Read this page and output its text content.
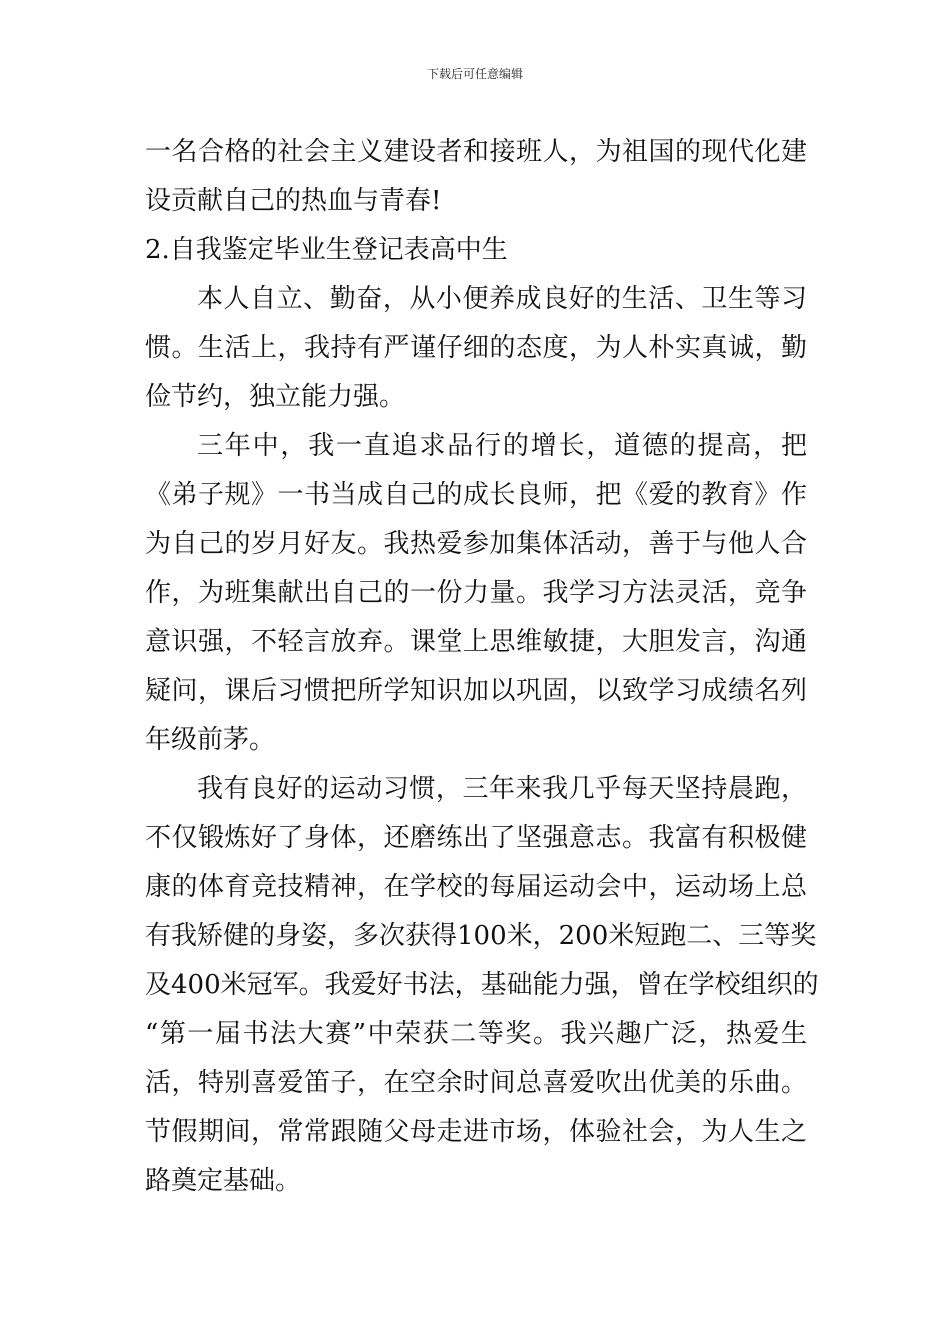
下载后可任意编辑
一名合格的社会主义建设者和接班人，为祖国的现代化建
设贡献自己的热血与青春!
2.自我鉴定毕业生登记表高中生
本人自立、勤奋，从小便养成良好的生活、卫生等习
惯。生活上，我持有严谨仔细的态度，为人朴实真诚，勤
俭节约，独立能力强。
三年中，我一直追求品行的增长，道德的提高，把
《弟子规》一书当成自己的成长良师，把《爱的教育》作
为自己的岁月好友。我热爱参加集体活动，善于与他人合
作，为班集献出自己的一份力量。我学习方法灵活，竞争
意识强，不轻言放弃。课堂上思维敏捷，大胆发言，沟通
疑问，课后习惯把所学知识加以巩固，以致学习成绩名列
年级前茅。
我有良好的运动习惯，三年来我几乎每天坚持晨跑，
不仅锻炼好了身体，还磨练出了坚强意志。我富有积极健
康的体育竞技精神，在学校的每届运动会中，运动场上总
有我矫健的身姿，多次获得100米，200米短跑二、三等奖
及400米冠军。我爱好书法，基础能力强，曾在学校组织的
“第一届书法大赛”中荣获二等奖。我兴趣广泛，热爱生
活，特别喜爱笛子，在空余时间总喜爱吹出优美的乐曲。
节假期间，常常跟随父母走进市场，体验社会，为人生之
路奠定基础。
